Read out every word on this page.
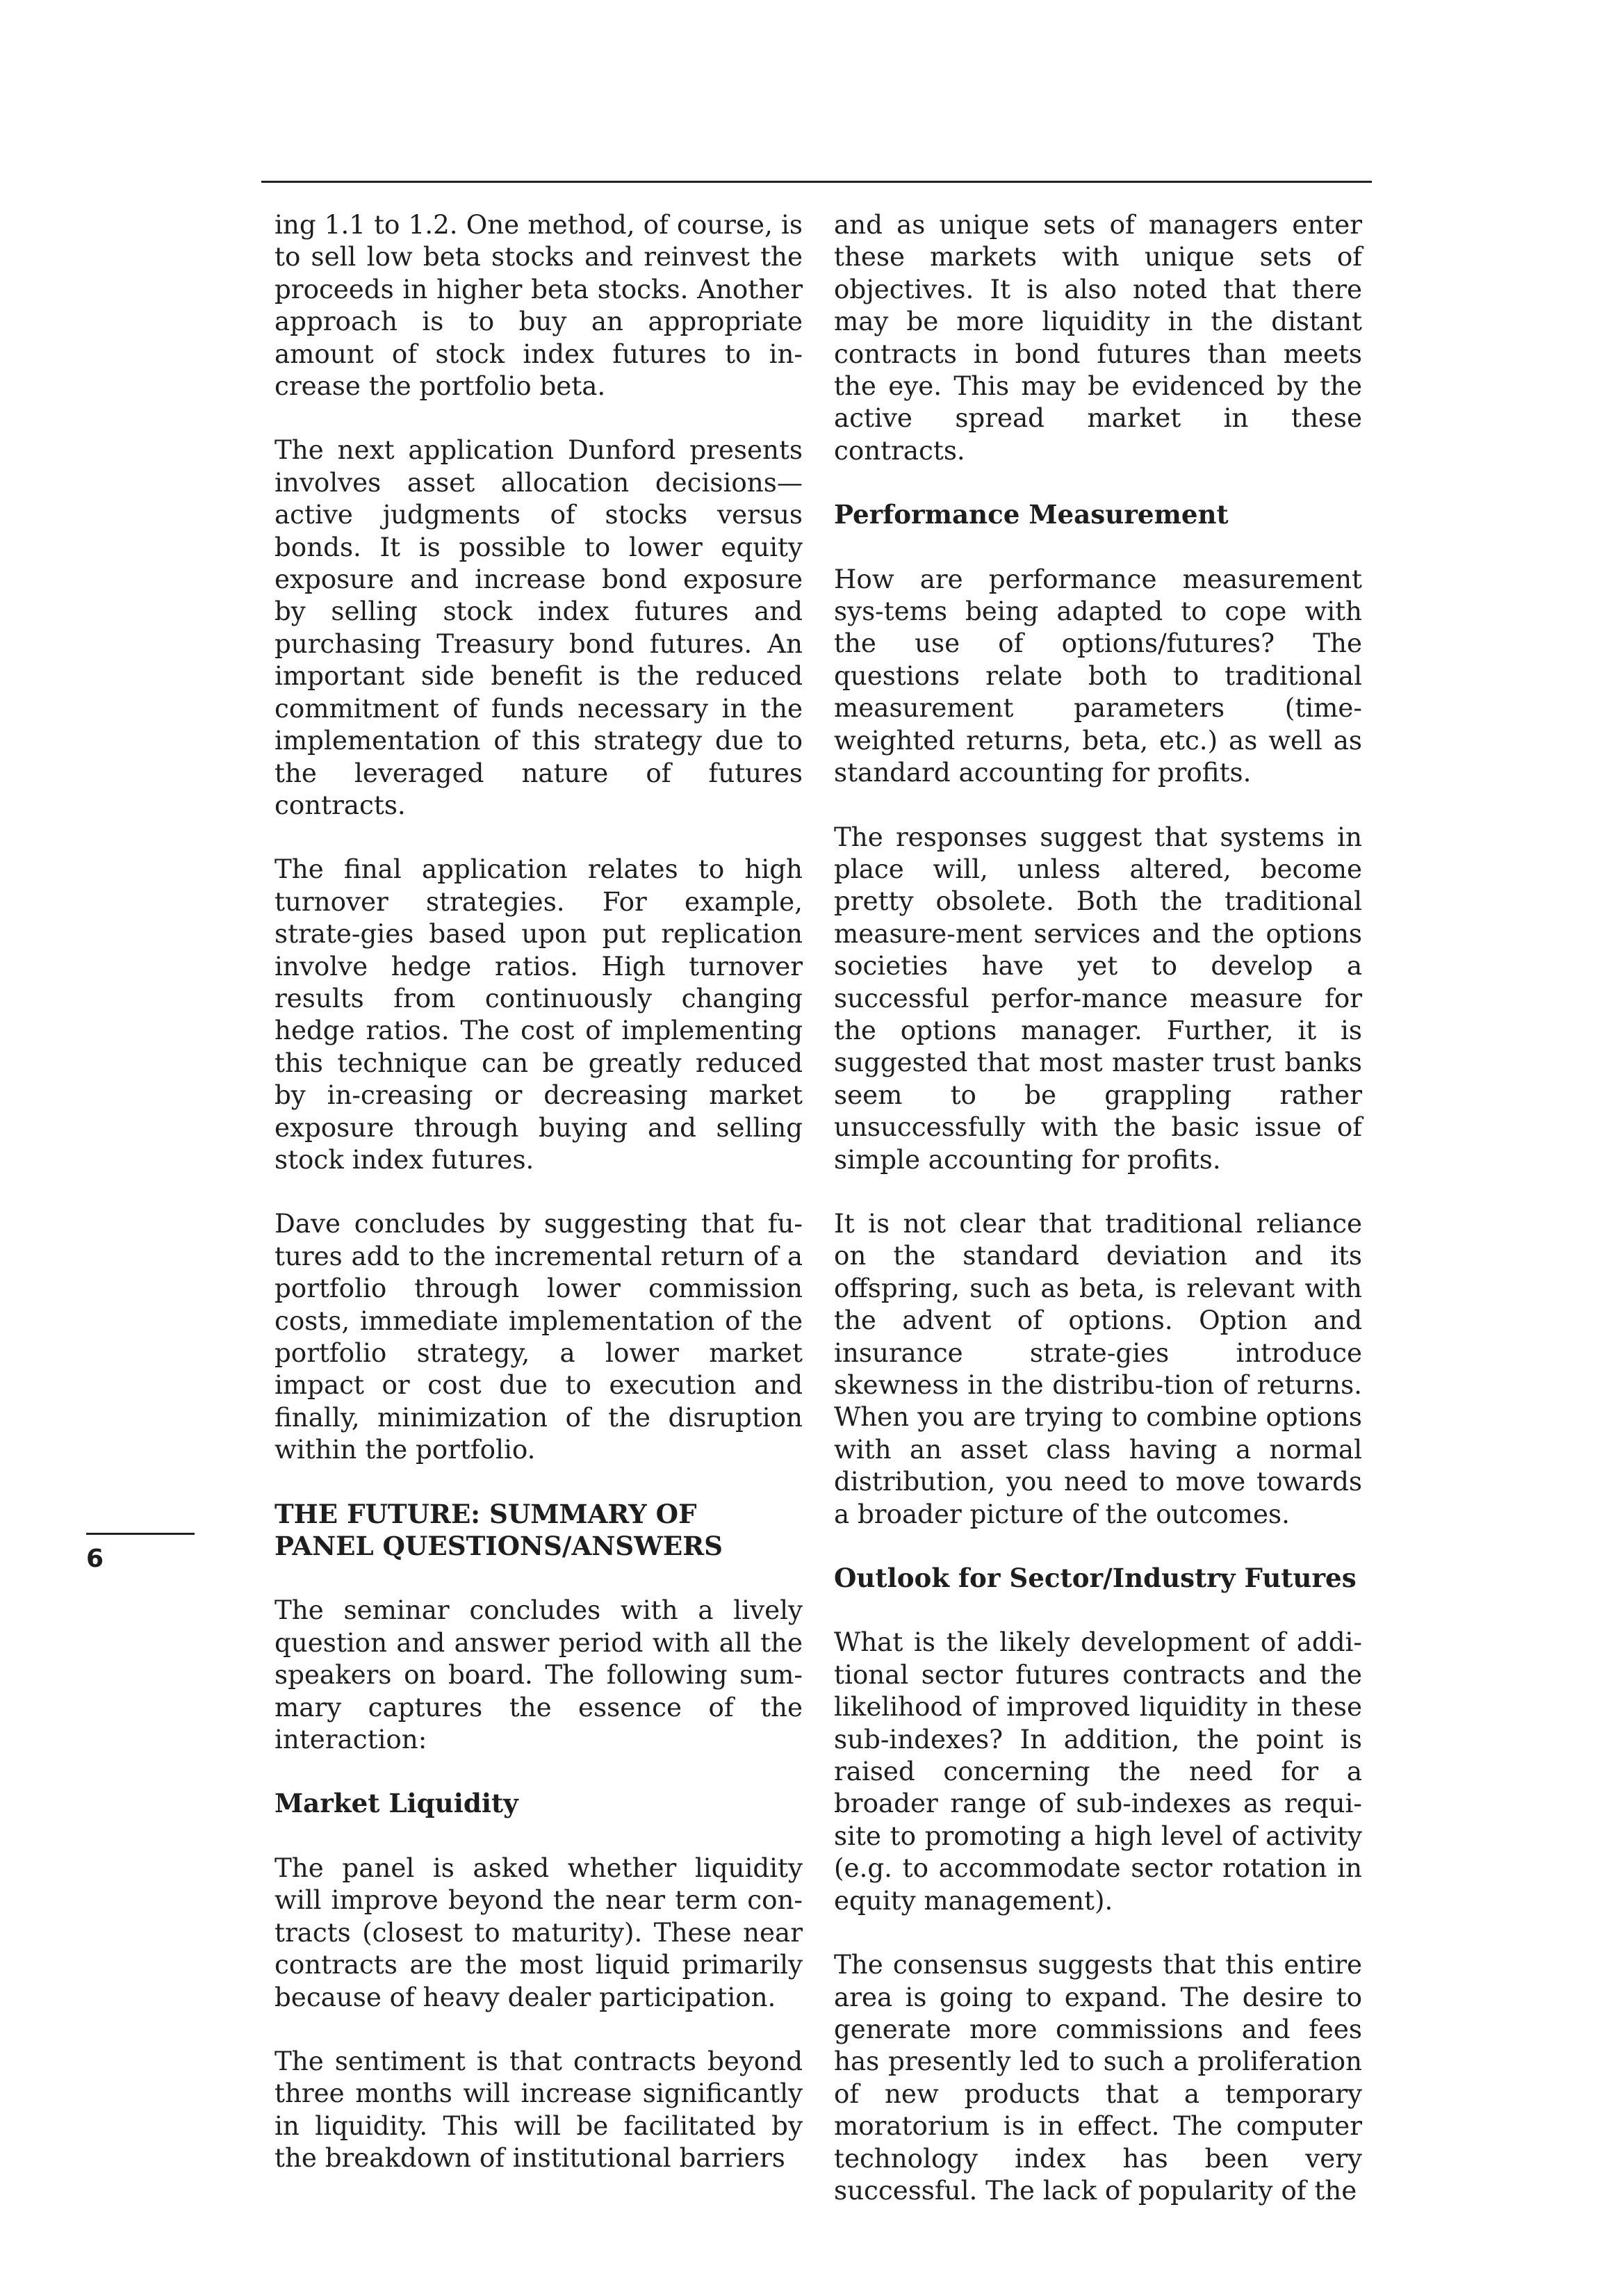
6

ing 1.1 to 1.2. One method, of course, is to sell low beta stocks and reinvest the proceeds in higher beta stocks. Another approach is to buy an appropriate amount of stock index futures to in-crease the portfolio beta.

The next application Dunford presents involves asset allocation decisions—active judgments of stocks versus bonds. It is possible to lower equity exposure and increase bond exposure by selling stock index futures and purchasing Treasury bond futures. An important side benefit is the reduced commitment of funds necessary in the implementation of this strategy due to the leveraged nature of futures contracts.

The final application relates to high turnover strategies. For example, strate-gies based upon put replication involve hedge ratios. High turnover results from continuously changing hedge ratios. The cost of implementing this technique can be greatly reduced by in-creasing or decreasing market exposure through buying and selling stock index futures.

Dave concludes by suggesting that fu-tures add to the incremental return of a portfolio through lower commission costs, immediate implementation of the portfolio strategy, a lower market impact or cost due to execution and finally, minimization of the disruption within the portfolio.

THE FUTURE: SUMMARY OF
PANEL QUESTIONS/ANSWERS

The seminar concludes with a lively question and answer period with all the speakers on board. The following sum-mary captures the essence of the interaction:

Market Liquidity

The panel is asked whether liquidity will improve beyond the near term con-tracts (closest to maturity). These near contracts are the most liquid primarily because of heavy dealer participation.

The sentiment is that contracts beyond three months will increase significantly in liquidity. This will be facilitated by the breakdown of institutional barriers

and as unique sets of managers enter these markets with unique sets of objectives. It is also noted that there may be more liquidity in the distant contracts in bond futures than meets the eye. This may be evidenced by the active spread market in these contracts.

Performance Measurement

How are performance measurement sys-tems being adapted to cope with the use of options/futures? The questions relate both to traditional measurement parameters (time-weighted returns, beta, etc.) as well as standard accounting for profits.

The responses suggest that systems in place will, unless altered, become pretty obsolete. Both the traditional measure-ment services and the options societies have yet to develop a successful perfor-mance measure for the options manager. Further, it is suggested that most master trust banks seem to be grappling rather unsuccessfully with the basic issue of simple accounting for profits.

It is not clear that traditional reliance on the standard deviation and its offspring, such as beta, is relevant with the advent of options. Option and insurance strate-gies introduce skewness in the distribu-tion of returns. When you are trying to combine options with an asset class having a normal distribution, you need to move towards a broader picture of the outcomes.

Outlook for Sector/Industry Futures

What is the likely development of addi-tional sector futures contracts and the likelihood of improved liquidity in these sub-indexes? In addition, the point is raised concerning the need for a broader range of sub-indexes as requi-site to promoting a high level of activity (e.g. to accommodate sector rotation in equity management).

The consensus suggests that this entire area is going to expand. The desire to generate more commissions and fees has presently led to such a proliferation of new products that a temporary moratorium is in effect. The computer technology index has been very successful. The lack of popularity of the
